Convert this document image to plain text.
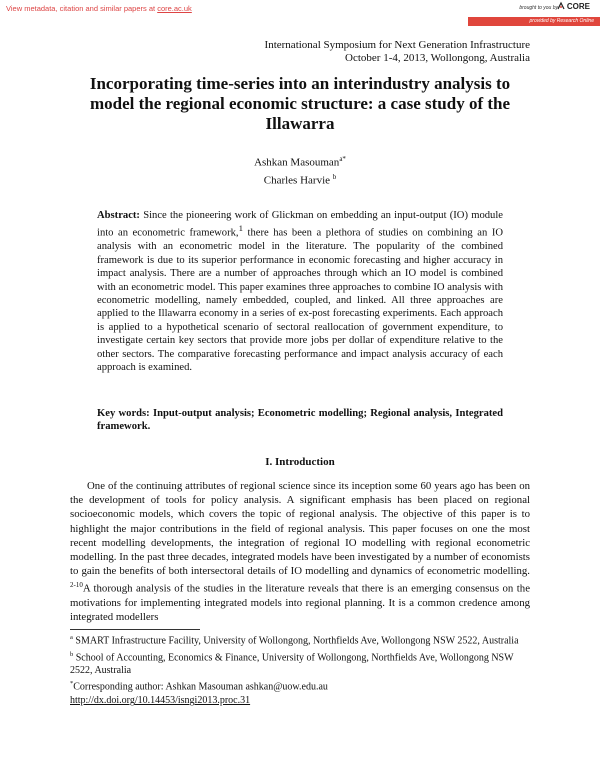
View metadata, citation and similar papers at core.ac.uk	brought to you by CORE
provided by Research Online
International Symposium for Next Generation Infrastructure
October 1-4, 2013, Wollongong, Australia
Incorporating time-series into an interindustry analysis to model the regional economic structure: a case study of the Illawarra
Ashkan Masouman$^{a*}$
Charles Harvie $^b$
Abstract: Since the pioneering work of Glickman on embedding an input-output (IO) module into an econometric framework,$^1$ there has been a plethora of studies on combining an IO analysis with an econometric model in the literature. The popularity of the combined framework is due to its superior performance in economic forecasting and higher accuracy in impact analysis. There are a number of approaches through which an IO model is combined with an econometric model. This paper examines three approaches to combine IO analysis with econometric modelling, namely embedded, coupled, and linked. All three approaches are applied to the Illawarra economy in a series of ex-post forecasting experiments. Each approach is applied to a hypothetical scenario of sectoral reallocation of government expenditure, to investigate certain key sectors that provide more jobs per dollar of expenditure relative to the other sectors. The comparative forecasting performance and impact analysis accuracy of each approach is examined.
Key words: Input-output analysis; Econometric modelling; Regional analysis, Integrated framework.
I. Introduction
One of the continuing attributes of regional science since its inception some 60 years ago has been on the development of tools for policy analysis. A significant emphasis has been placed on regional socioeconomic models, which covers the topic of regional analysis. The objective of this paper is to highlight the major contributions in the field of regional analysis. This paper focuses on one the most recent modelling developments, the integration of regional IO modelling with regional econometric modelling. In the past three decades, integrated models have been investigated by a number of economists to gain the benefits of both intersectoral details of IO modelling and dynamics of econometric modelling. $^{2-10}$A thorough analysis of the studies in the literature reveals that there is an emerging consensus on the motivations for implementing integrated models into regional planning. It is a common credence among integrated modellers

$^a$ SMART Infrastructure Facility, University of Wollongong, Northfields Ave, Wollongong NSW 2522, Australia

$^b$ School of Accounting, Economics & Finance, University of Wollongong, Northfields Ave, Wollongong NSW 2522, Australia

*Corresponding author: Ashkan Masouman ashkan@uow.edu.au

http://dx.doi.org/10.14453/isngi2013.proc.31
